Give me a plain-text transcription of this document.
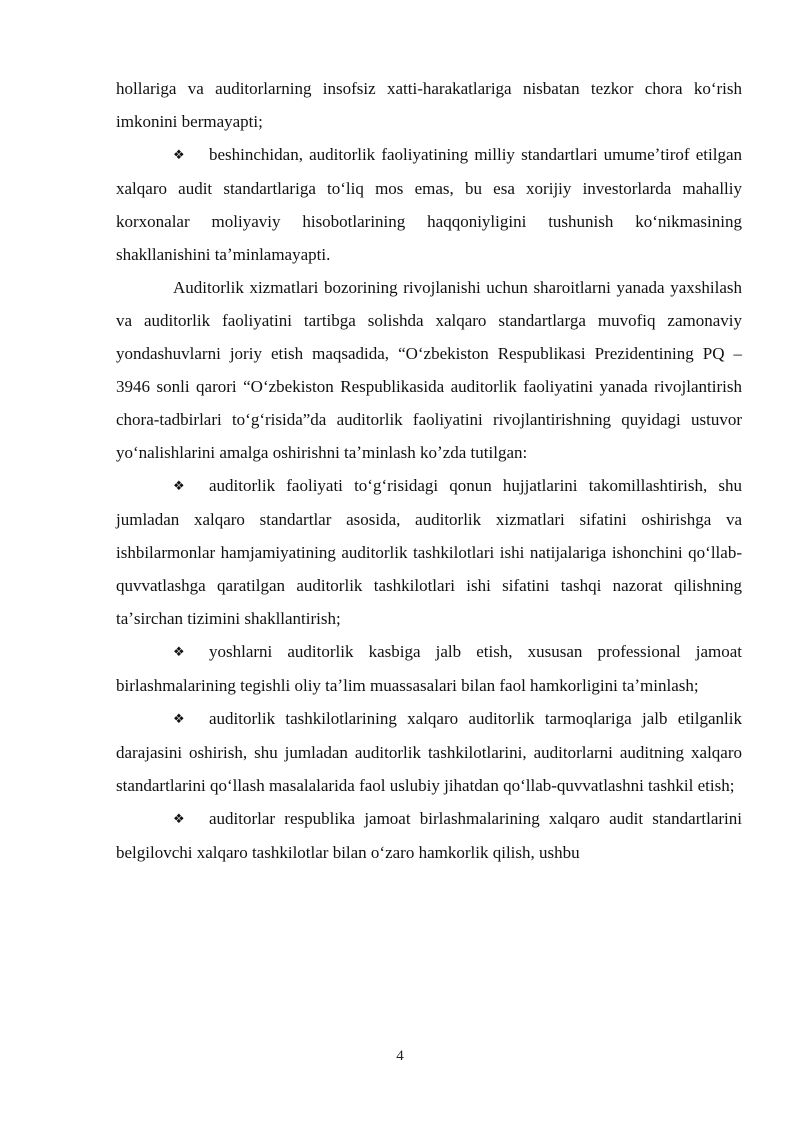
hollariga va auditorlarning insofsiz xatti-harakatlariga nisbatan tezkor chora koʻrish imkonini bermayapti;

❖ beshinchidan, auditorlik faoliyatining milliy standartlari umumeʼtirof etilgan xalqaro audit standartlariga toʻliq mos emas, bu esa xorijiy investorlarda mahalliy korxonalar moliyaviy hisobotlarining haqqoniyligini tushunish koʻnikmasining shakllanishini taʼminlamayapti.

Auditorlik xizmatlari bozorining rivojlanishi uchun sharoitlarni yanada yaxshilash va auditorlik faoliyatini tartibga solishda xalqaro standartlarga muvofiq zamonaviy yondashuvlarni joriy etish maqsadida, “Oʻzbekiston Respublikasi Prezidentining PQ – 3946 sonli qarori “Oʻzbekiston Respublikasida auditorlik faoliyatini yanada rivojlantirish chora-tadbirlari toʻgʻrisida”da auditorlik faoliyatini rivojlantirishning quyidagi ustuvor yoʻnalishlarini amalga oshirishni taʼminlash koʼzda tutilgan:

❖ auditorlik faoliyati toʻgʻrisidagi qonun hujjatlarini takomillashtirish, shu jumladan xalqaro standartlar asosida, auditorlik xizmatlari sifatini oshirishga va ishbilarmonlar hamjamiyatining auditorlik tashkilotlari ishi natijalariga ishonchini qoʻllab-quvvatlashga qaratilgan auditorlik tashkilotlari ishi sifatini tashqi nazorat qilishning taʼsirchan tizimini shakllantirish;

❖ yoshlarni auditorlik kasbiga jalb etish, xususan professional jamoat birlashmalarining tegishli oliy taʼlim muassasalari bilan faol hamkorligini taʼminlash;

❖ auditorlik tashkilotlarining xalqaro auditorlik tarmoqlariga jalb etilganlik darajasini oshirish, shu jumladan auditorlik tashkilotlarini, auditorlarni auditning xalqaro standartlarini qoʻllash masalalarida faol uslubiy jihatdan qoʻllab-quvvatlashni tashkil etish;

❖ auditorlar respublika jamoat birlashmalarining xalqaro audit standartlarini belgilovchi xalqaro tashkilotlar bilan oʻzaro hamkorlik qilish, ushbu

4
